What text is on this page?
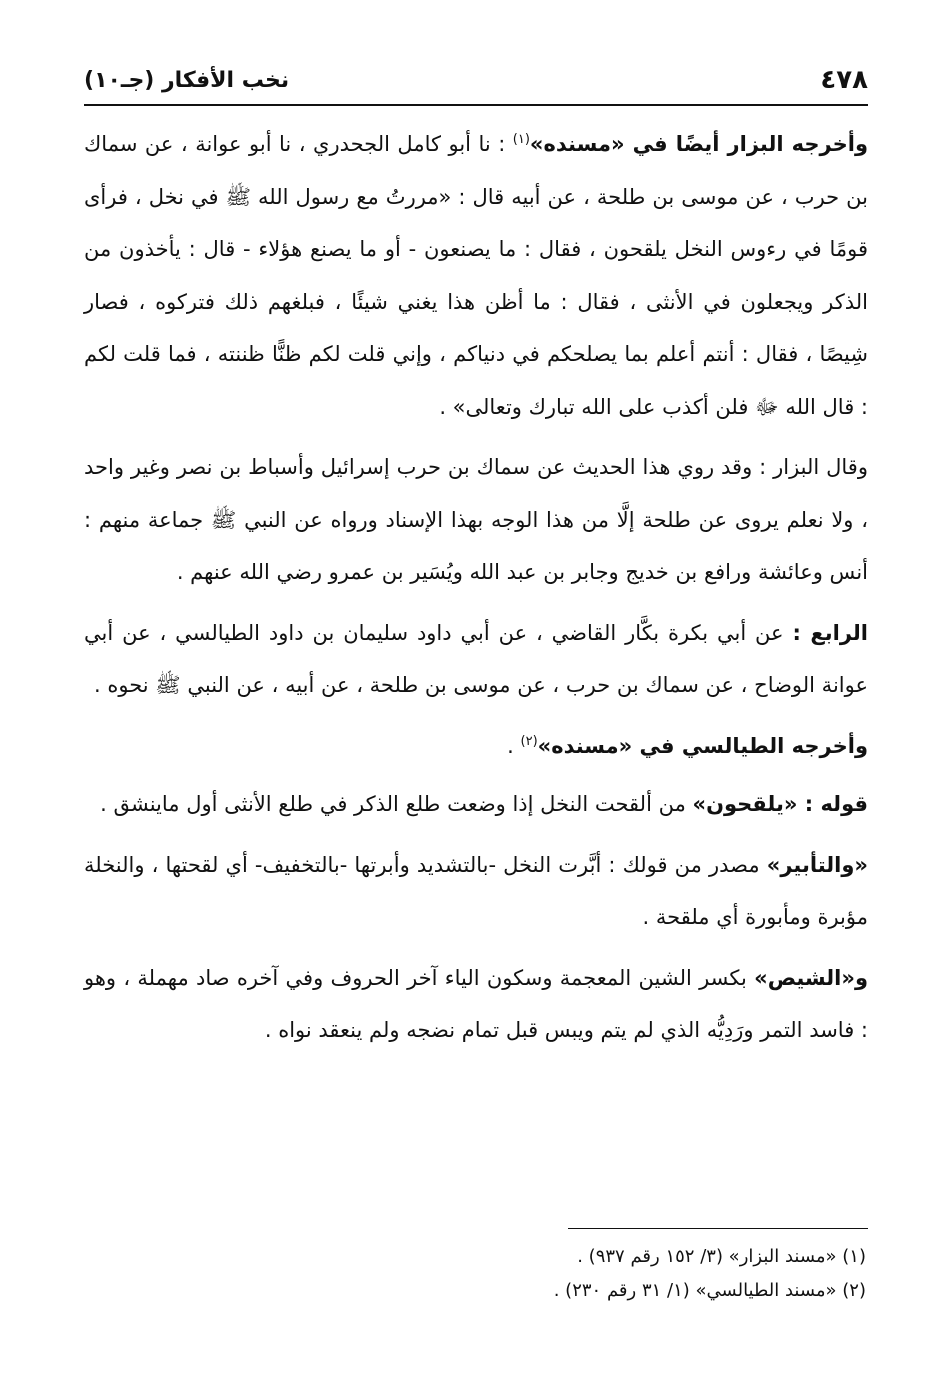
٤٧٨
نخب الأفكار (جـ١٠)

وأخرجه البزار أيضًا في «مسنده»$^{(١)}$ : نا أبو كامل الجحدري ، نا أبو عوانة ، عن سماك بن حرب ، عن موسى بن طلحة ، عن أبيه قال : «مررتُ مع رسول الله ﷺ في نخل ، فرأى قومًا في رءوس النخل يلقحون ، فقال : ما يصنعون - أو ما يصنع هؤلاء - قال : يأخذون من الذكر ويجعلون في الأنثى ، فقال : ما أظن هذا يغني شيئًا ، فبلغهم ذلك فتركوه ، فصار شِيصًا ، فقال : أنتم أعلم بما يصلحكم في دنياكم ، وإني قلت لكم ظنًّا ظننته ، فما قلت لكم : قال الله ﷻ فلن أكذب على الله تبارك وتعالى» .

وقال البزار : وقد روي هذا الحديث عن سماك بن حرب إسرائيل وأسباط بن نصر وغير واحد ، ولا نعلم يروى عن طلحة إلَّا من هذا الوجه بهذا الإسناد ورواه عن النبي ﷺ جماعة منهم : أنس وعائشة ورافع بن خديج وجابر بن عبد الله ويُسَير بن عمرو رضي الله عنهم .

الرابع : عن أبي بكرة بكَّار القاضي ، عن أبي داود سليمان بن داود الطيالسي ، عن أبي عوانة الوضاح ، عن سماك بن حرب ، عن موسى بن طلحة ، عن أبيه ، عن النبي ﷺ نحوه .

وأخرجه الطيالسي في «مسنده»$^{(٢)}$ .

قوله : «يلقحون» من ألقحت النخل إذا وضعت طلع الذكر في طلع الأنثى أول ماينشق .

«والتأبير» مصدر من قولك : أبَّرت النخل -بالتشديد وأبرتها -بالتخفيف- أي لقحتها ، والنخلة مؤبرة ومأبورة أي ملقحة .

و«الشيص» بكسر الشين المعجمة وسكون الياء آخر الحروف وفي آخره صاد مهملة ، وهو : فاسد التمر ورَدِيُّه الذي لم يتم ويبس قبل تمام نضجه ولم ينعقد نواه .

(١) «مسند البزار» (٣/ ١٥٢ رقم ٩٣٧) .

(٢) «مسند الطيالسي» (١/ ٣١ رقم ٢٣٠) .
